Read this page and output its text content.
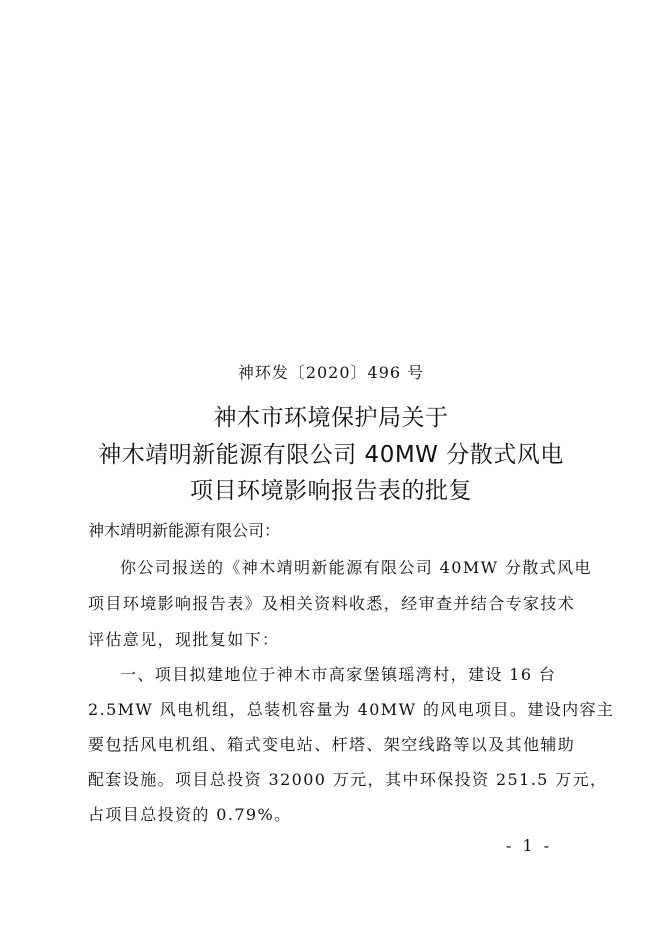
神环发〔2020〕496 号
神木市环境保护局关于
神木靖明新能源有限公司 40MW 分散式风电
项目环境影响报告表的批复
神木靖明新能源有限公司：
你公司报送的《神木靖明新能源有限公司 40MW 分散式风电
项目环境影响报告表》及相关资料收悉，经审查并结合专家技术
评估意见，现批复如下：
一、项目拟建地位于神木市高家堡镇瑶湾村，建设 16 台
2.5MW 风电机组，总装机容量为 40MW 的风电项目。建设内容主
要包括风电机组、箱式变电站、杆塔、架空线路等以及其他辅助
配套设施。项目总投资 32000 万元，其中环保投资 251.5 万元，
占项目总投资的 0.79%。
- 1 -
